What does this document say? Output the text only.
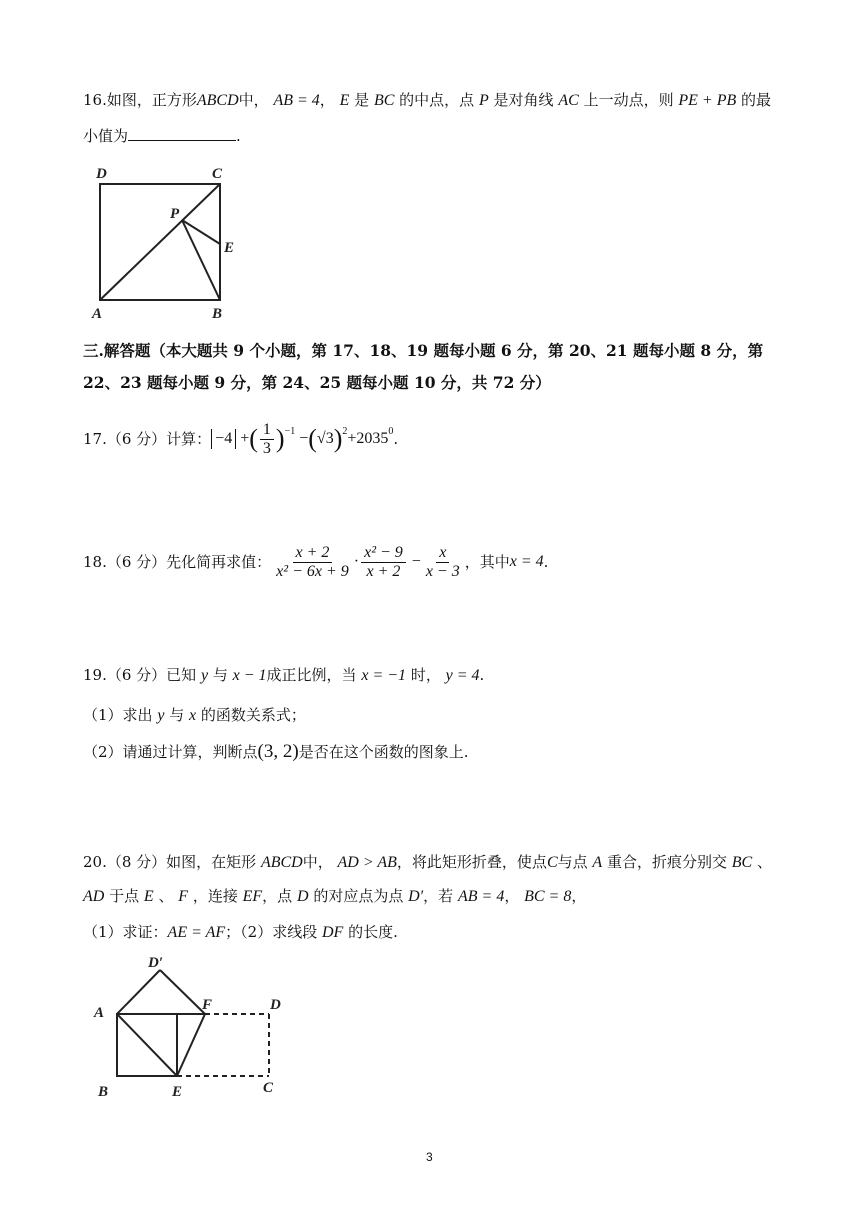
16.如图，正方形ABCD中， AB = 4， E 是 BC 的中点，点 P 是对角线 AC 上一动点，则 PE + PB 的最
小值为	.
D	C
P
E
A	B
三.解答题（本大题共 9 个小题，第 17、18、19 题每小题 6 分，第 20、21 题每小题 8 分，第
22、23 题每小题 9 分，第 24、25 题每小题 10 分，共 72 分）
17.（6 分）计算： −4 + ( $\frac{1}{3}$ ) −1 − ( √3 ) 2 +2035 0 .
18.（6 分）先化简再求值： $\frac{x + 2}{\text{x² − 6x + 9}} \cdot \frac{\text{x² − 9}}{x + 2} - \frac{x}{x - 3}$ ，其中 x = 4 .
19.（6 分）已知 y 与 x − 1成正比例，当 x = −1 时， y = 4.
（1）求出 y 与 x 的函数关系式；
（2）请通过计算，判断点(3, 2)是否在这个函数的图象上.
20.（8 分）如图，在矩形 ABCD中， AD > AB，将此矩形折叠，使点C与点 A 重合，折痕分别交 BC 、
AD 于点 E 、 F ，连接 EF，点 D 的对应点为点 D′，若 AB = 4， BC = 8，
（1）求证：AE = AF；（2）求线段 DF 的长度.
D′
A	F	D
B	E	C
3
